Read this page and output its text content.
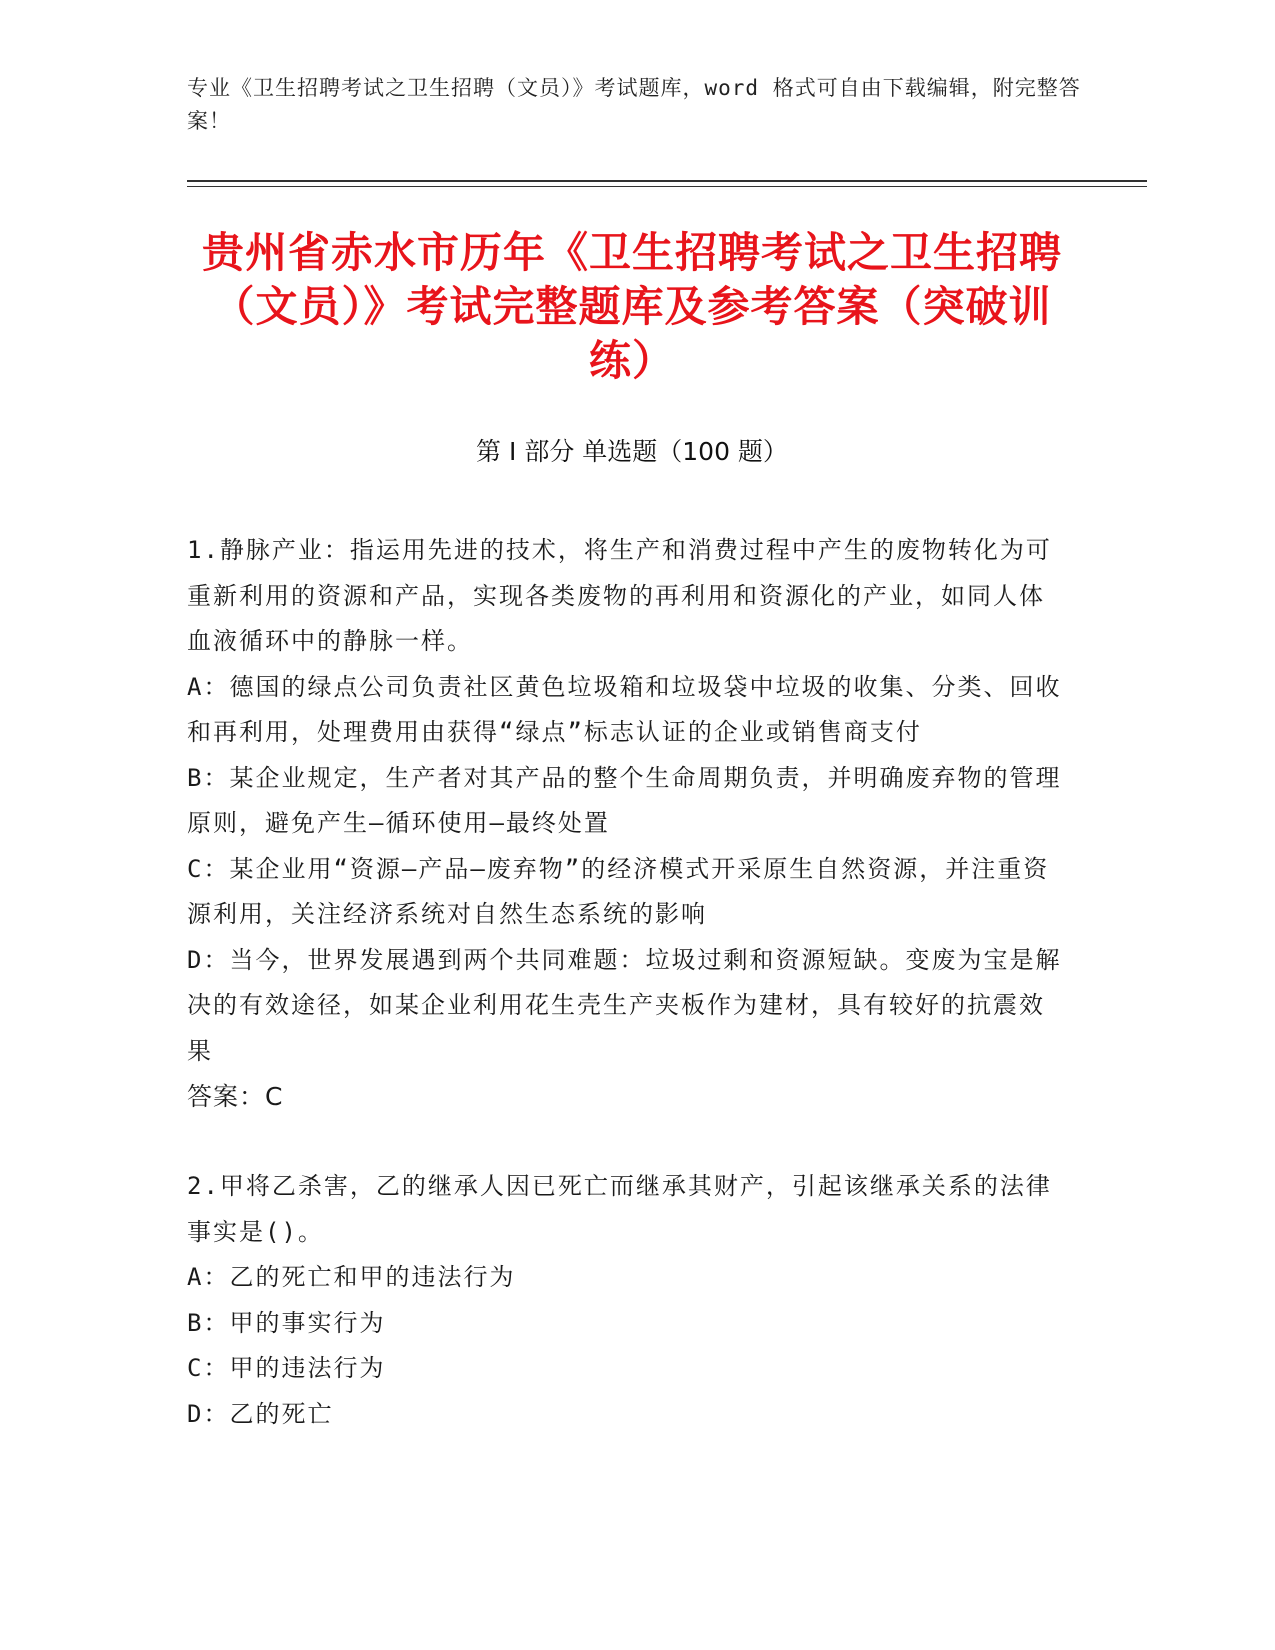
专业《卫生招聘考试之卫生招聘（文员）》考试题库，word 格式可自由下载编辑，附完整答案！
贵州省赤水市历年《卫生招聘考试之卫生招聘（文员）》考试完整题库及参考答案（突破训练）
第 I 部分 单选题（100 题）

1.静脉产业：指运用先进的技术，将生产和消费过程中产生的废物转化为可重新利用的资源和产品，实现各类废物的再利用和资源化的产业，如同人体血液循环中的静脉一样。

A：德国的绿点公司负责社区黄色垃圾箱和垃圾袋中垃圾的收集、分类、回收和再利用，处理费用由获得“绿点”标志认证的企业或销售商支付

B：某企业规定，生产者对其产品的整个生命周期负责，并明确废弃物的管理原则，避免产生—循环使用—最终处置

C：某企业用“资源—产品—废弃物”的经济模式开采原生自然资源，并注重资源利用，关注经济系统对自然生态系统的影响

D：当今，世界发展遇到两个共同难题：垃圾过剩和资源短缺。变废为宝是解决的有效途径，如某企业利用花生壳生产夹板作为建材，具有较好的抗震效果

答案：C

2.甲将乙杀害，乙的继承人因已死亡而继承其财产，引起该继承关系的法律事实是()。

A：乙的死亡和甲的违法行为

B：甲的事实行为

C：甲的违法行为

D：乙的死亡
